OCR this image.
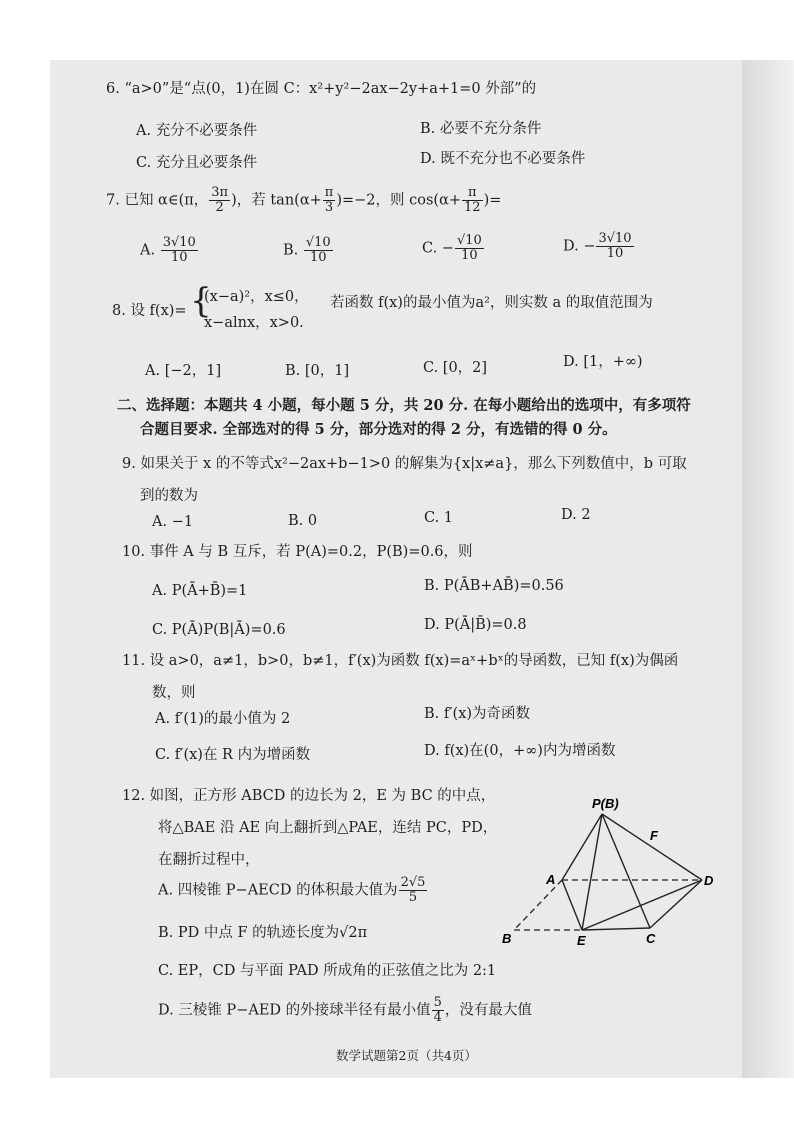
6. “a>0”是“点(0，1)在圆 C：x²+y²−2ax−2y+a+1=0 外部”的
A. 充分不必要条件	B. 必要不充分条件
C. 充分且必要条件	D. 既不充分也不必要条件
7. 已知 α∈(π， $\frac{3\pi}{2}$ )，若 $\tan(\alpha+ \frac{\pi}{3} )=-2$，则 $\cos(\alpha+ \frac{\pi}{12}$ )=
A. $\frac{3√10}{10}$	B. $\frac{√10}{10}$	C. − $\frac{√10}{10}$	D. − $\frac{3√10}{10}$
8. 设 f(x)= {
(x−a)²，x≤0，
x−alnx，x>0.
若函数 f(x)的最小值为a²，则实数 a 的取值范围为
A. [−2，1]	B. [0，1]	C. [0，2]	D. [1，+∞)
二、选择题：本题共 4 小题，每小题 5 分，共 20 分. 在每小题给出的选项中，有多项符
合题目要求. 全部选对的得 5 分，部分选对的得 2 分，有选错的得 0 分。
9. 如果关于 x 的不等式x²−2ax+b−1>0 的解集为{x|x≠a}，那么下列数值中，b 可取
到的数为
A. −1	B. 0	C. 1	D. 2
10. 事件 A 与 B 互斥，若 P(A)=0.2，P(B)=0.6，则
A. P(Ā+B̄)=1	B. P(ĀB+AB̄)=0.56
C. P(Ā)P(B|Ā)=0.6	D. P(Ā|B̄)=0.8
11. 设 a>0，a≠1，b>0，b≠1，f′(x)为函数 f(x)=aˣ+bˣ的导函数，已知 f(x)为偶函
数，则
A. f′(1)的最小值为 2	B. f′(x)为奇函数
C. f′(x)在 R 内为增函数	D. f(x)在(0，+∞)内为增函数
12. 如图，正方形 ABCD 的边长为 2，E 为 BC 的中点，
将△BAE 沿 AE 向上翻折到△PAE，连结 PC，PD，
在翻折过程中，
A. 四棱锥 P−AECD 的体积最大值为 $\frac{2√5}{5}$
B. PD 中点 F 的轨迹长度为√2π
C. EP，CD 与平面 PAD 所成角的正弦值之比为 2:1
D. 三棱锥 P−AED 的外接球半径有最小值 $\frac{5}{4}$ ，没有最大值
P(B)
F
A	D
B	E	C
数学试题第2页（共4页）
